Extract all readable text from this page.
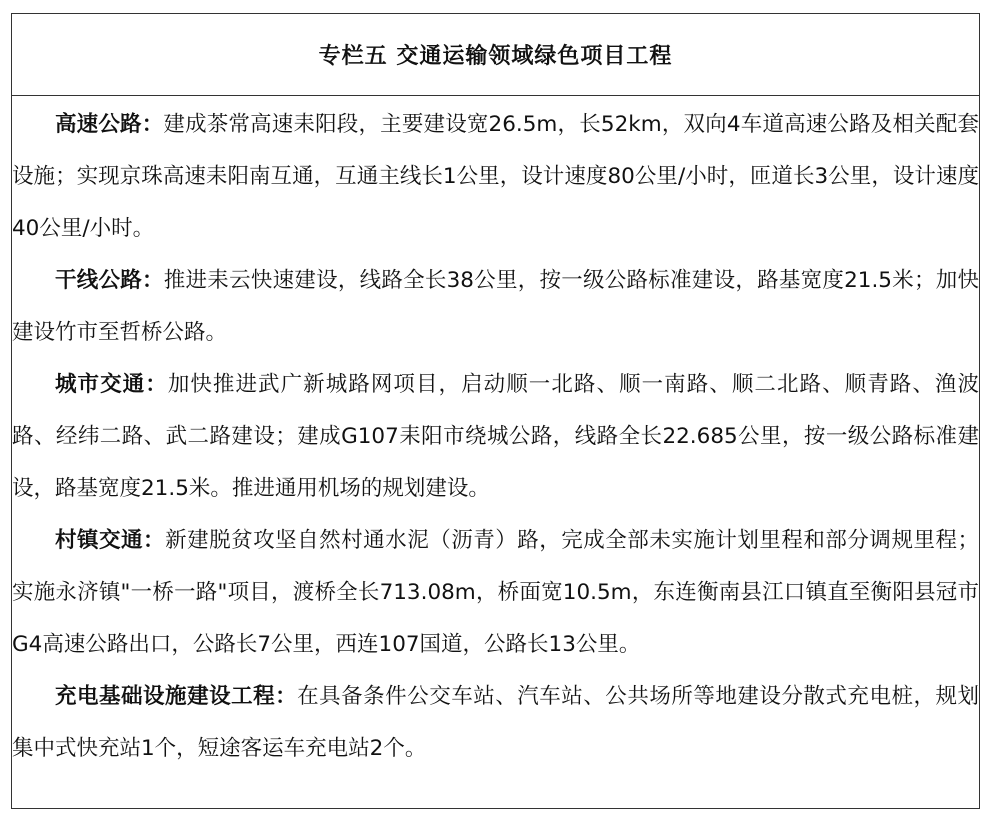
专栏五 交通运输领域绿色项目工程

高速公路：建成茶常高速耒阳段，主要建设宽26.5m，长52km，双向4车道高速公路及相关配套设施；实现京珠高速耒阳南互通，互通主线长1公里，设计速度80公里/小时，匝道长3公里，设计速度40公里/小时。

干线公路：推进耒云快速建设，线路全长38公里，按一级公路标准建设，路基宽度21.5米；加快建设竹市至哲桥公路。

城市交通：加快推进武广新城路网项目，启动顺一北路、顺一南路、顺二北路、顺青路、渔波路、经纬二路、武二路建设；建成G107耒阳市绕城公路，线路全长22.685公里，按一级公路标准建设，路基宽度21.5米。推进通用机场的规划建设。

村镇交通：新建脱贫攻坚自然村通水泥（沥青）路，完成全部未实施计划里程和部分调规里程；实施永济镇"一桥一路"项目，渡桥全长713.08m，桥面宽10.5m，东连衡南县江口镇直至衡阳县冠市G4高速公路出口，公路长7公里，西连107国道，公路长13公里。

充电基础设施建设工程：在具备条件公交车站、汽车站、公共场所等地建设分散式充电桩，规划集中式快充站1个，短途客运车充电站2个。
